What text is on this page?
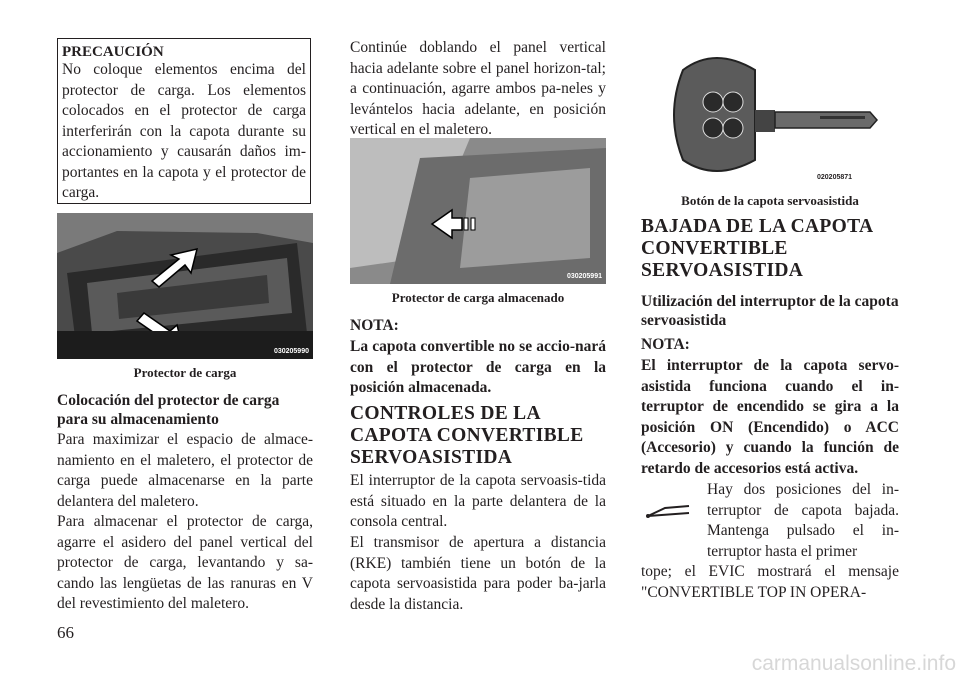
PRECAUCIÓN
No coloque elementos encima del protector de carga. Los elementos colocados en el protector de carga interferirán con la capota durante su accionamiento y causarán daños im-portantes en la capota y el protector de carga.
030205990
Protector de carga
Colocación del protector de carga para su almacenamiento
Para maximizar el espacio de almace-namiento en el maletero, el protector de carga puede almacenarse en la parte delantera del maletero.
Para almacenar el protector de carga, agarre el asidero del panel vertical del protector de carga, levantando y sa-cando las lengüetas de las ranuras en V del revestimiento del maletero.
Continúe doblando el panel vertical hacia adelante sobre el panel horizon-tal; a continuación, agarre ambos pa-neles y levántelos hacia adelante, en posición vertical en el maletero.
030205991
Protector de carga almacenado
NOTA:
La capota convertible no se accio-nará con el protector de carga en la posición almacenada.
CONTROLES DE LA CAPOTA CONVERTIBLE SERVOASISTIDA
El interruptor de la capota servoasis-tida está situado en la parte delantera de la consola central.
El transmisor de apertura a distancia (RKE) también tiene un botón de la capota servoasistida para poder ba-jarla desde la distancia.
020205871
Botón de la capota servoasistida
BAJADA DE LA CAPOTA CONVERTIBLE SERVOASISTIDA
Utilización del interruptor de la capota servoasistida
NOTA:
El interruptor de la capota servo-asistida funciona cuando el in-terruptor de encendido se gira a la posición ON (Encendido) o ACC (Accesorio) y cuando la función de retardo de accesorios está activa.
Hay dos posiciones del in-terruptor de capota bajada. Mantenga pulsado el in-terruptor hasta el primer
tope; el EVIC mostrará el mensaje "CONVERTIBLE TOP IN OPERA-
66
carmanualsonline.info
